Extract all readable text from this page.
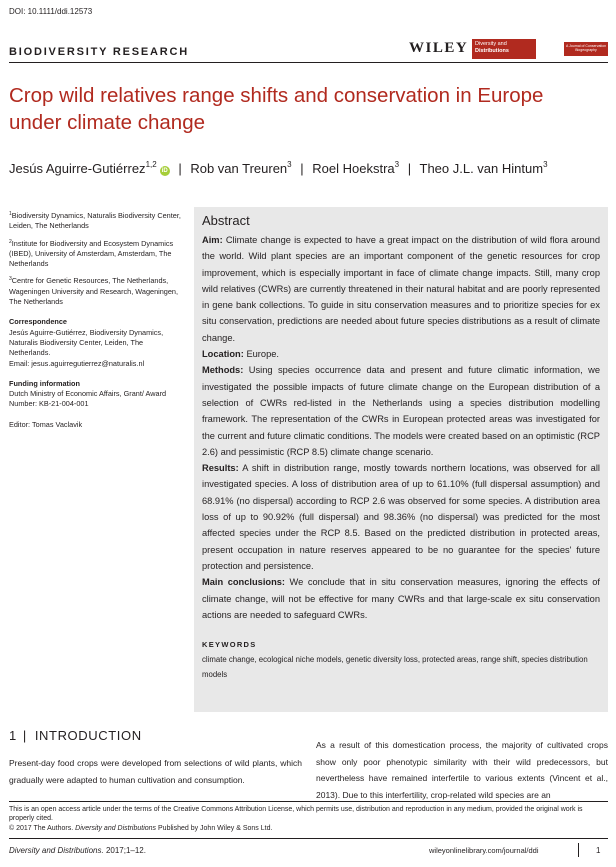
DOI: 10.1111/ddi.12573
BIODIVERSITY RESEARCH	WILEY Diversity and
Distributions
A Journal of Conservation Biogeography
Crop wild relatives range shifts and conservation in Europe under climate change
Jesús Aguirre-Gutiérrez$^{1,2}$iD | Rob van Treuren$^3$ | Roel Hoekstra$^3$ | Theo J.L. van Hintum$^3$

$^1$Biodiversity Dynamics, Naturalis Biodiversity Center, Leiden, The Netherlands

$^2$Institute for Biodiversity and Ecosystem Dynamics (IBED), University of Amsterdam, Amsterdam, The Netherlands

$^3$Centre for Genetic Resources, The Netherlands, Wageningen University and Research, Wageningen, The Netherlands

Correspondence

Jesús Aguirre-Gutiérrez, Biodiversity Dynamics, Naturalis Biodiversity Center, Leiden, The Netherlands.
Email: jesus.aguirregutierrez@naturalis.nl

Funding information

Dutch Ministry of Economic Affairs, Grant/ Award Number: KB-21-004-001

Editor: Tomas Vaclavik

Abstract

Aim: Climate change is expected to have a great impact on the distribution of wild flora around the world. Wild plant species are an important component of the genetic resources for crop improvement, which is especially important in face of climate change impacts. Still, many crop wild relatives (CWRs) are currently threatened in their natural habitat and are poorly represented in gene bank collections. To guide in situ conservation measures and to prioritize species for ex situ conservation, predictions are needed about future species distributions as a result of climate change.

Location: Europe.

Methods: Using species occurrence data and present and future climatic information, we investigated the possible impacts of future climate change on the European distribution of a selection of CWRs red-listed in the Netherlands using a species distribution modelling framework. The representation of the CWRs in European protected areas was investigated for the current and future climatic conditions. The models were created based on an optimistic (RCP 2.6) and pessimistic (RCP 8.5) climate change scenario.

Results: A shift in distribution range, mostly towards northern locations, was observed for all investigated species. A loss of distribution area of up to 61.10% (full dispersal assumption) and 68.91% (no dispersal) according to RCP 2.6 was observed for some species. A distribution area loss of up to 90.92% (full dispersal) and 98.36% (no dispersal) was predicted for the most affected species under the RCP 8.5. Based on the predicted distribution in protected areas, present occupation in nature reserves appeared to be no guarantee for the species' future protection and persistence.

Main conclusions: We conclude that in situ conservation measures, ignoring the effects of climate change, will not be effective for many CWRs and that large-scale ex situ conservation actions are needed to safeguard CWRs.

KEYWORDS
climate change, ecological niche models, genetic diversity loss, protected areas, range shift, species distribution models
1 | INTRODUCTION
Present-day food crops were developed from selections of wild plants, which gradually were adapted to human cultivation and consumption.
As a result of this domestication process, the majority of cultivated crops show only poor phenotypic similarity with their wild predecessors, but nevertheless have remained interfertile to various extents (Vincent et al., 2013). Due to this interfertility, crop-related wild species are an
This is an open access article under the terms of the Creative Commons Attribution License, which permits use, distribution and reproduction in any medium, provided the original work is properly cited.
© 2017 The Authors. Diversity and Distributions Published by John Wiley & Sons Ltd.
Diversity and Distributions. 2017;1–12.	wileyonlinelibrary.com/journal/ddi	1
